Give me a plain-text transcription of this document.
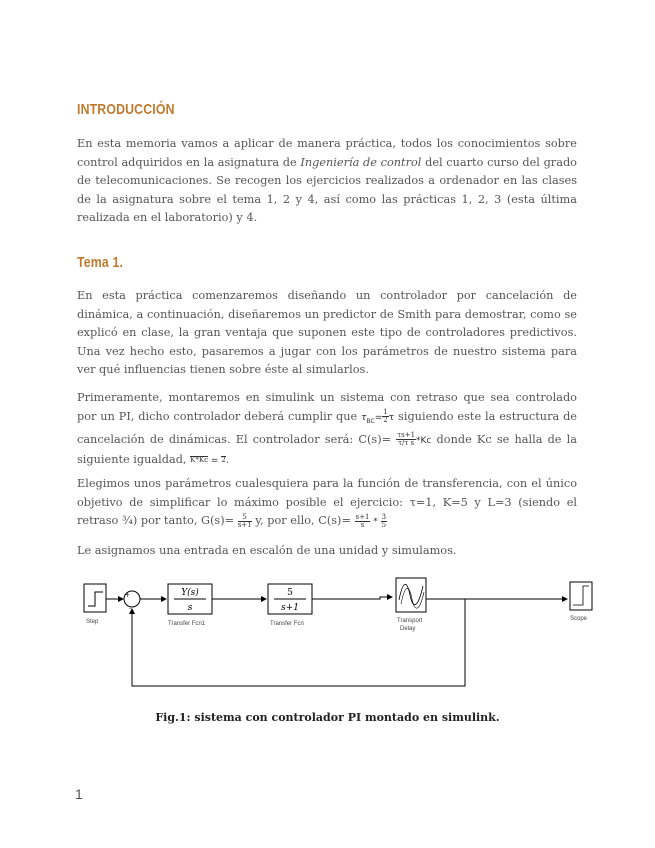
INTRODUCCIÓN

En esta memoria vamos a aplicar de manera práctica, todos los conocimientos sobre control adquiridos en la asignatura de Ingeniería de control del cuarto curso del grado de telecomunicaciones. Se recogen los ejercicios realizados a ordenador en las clases de la asignatura sobre el tema 1, 2 y 4, así como las prácticas 1, 2, 3 (esta última realizada en el laboratorio) y 4.

Tema 1.

En esta práctica comenzaremos diseñando un controlador por cancelación de dinámica, a continuación, diseñaremos un predictor de Smith para demostrar, como se explicó en clase, la gran ventaja que suponen este tipo de controladores predictivos. Una vez hecho esto, pasaremos a jugar con los parámetros de nuestro sistema para ver qué influencias tienen sobre éste al simularlos.

Primeramente, montaremos en simulink un sistema con retraso que sea controlado por un PI, dicho controlador deberá cumplir que $\tau_{BC}= \frac{1}{2}$ τ siguiendo este la estructura de cancelación de dinámicas. El controlador será: $C(s)= \frac{\tau s+1}{\text{τ/τ s}} *Kc$ donde Kc se halla de la siguiente igualdad, K*Kc = 2 .

Elegimos unos parámetros cualesquiera para la función de transferencia, con el único objetivo de simplificar lo máximo posible el ejercicio: τ=1, K=5 y L=3 (siendo el retraso ¾) por tanto, $G(s)= \frac{5}{s+1} y$, por ello, $C(s)= \frac{s+1}{s} * \frac{3}{5}$

Le asignamos una entrada en escalón de una unidad y simulamos.

Step
+
-
Y(s)
s
Transfer Fcn1
5
s+1
Transfer Fcn	Transport
Delay
Scope

Fig.1: sistema con controlador PI montado en simulink.

1
